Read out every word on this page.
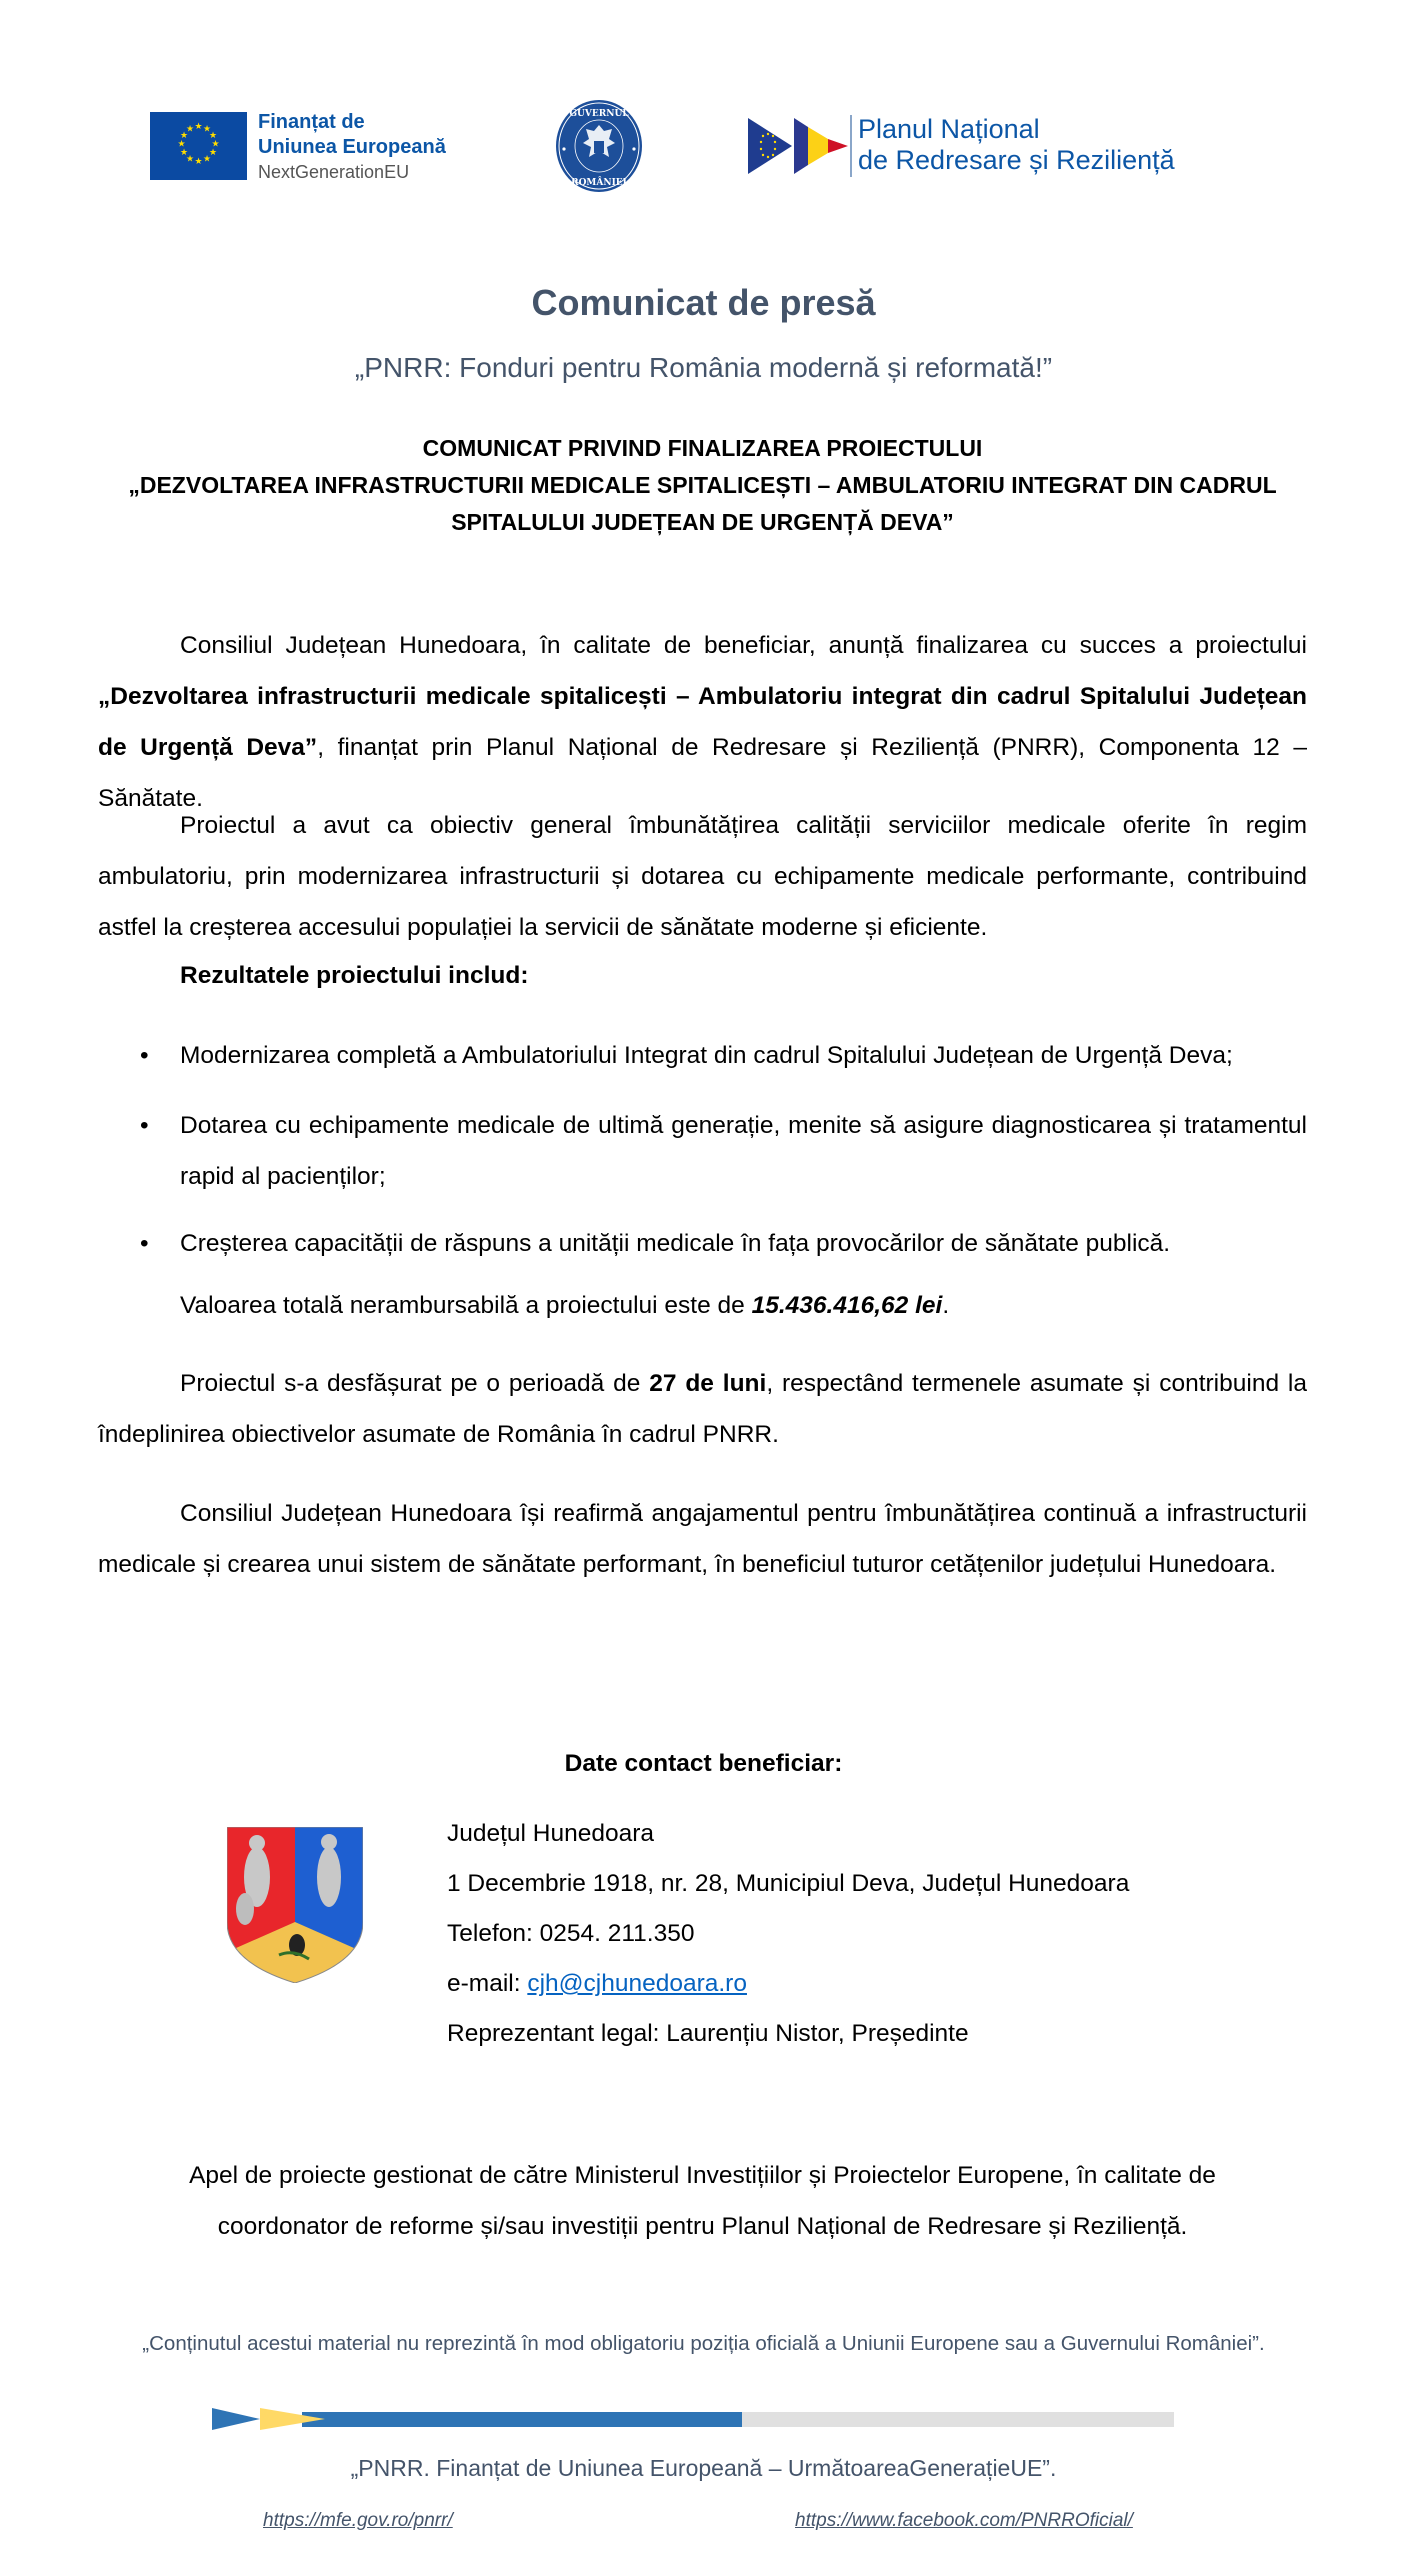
★ ★
★
★
★
★
★
★
★
★
★
★	Finanțat de
Uniunea Europeană
NextGenerationEU
GUVERNUL
ROMÂNIEI
Planul Național
de Redresare și Reziliență
Comunicat de presă
„PNRR: Fonduri pentru România modernă și reformată!”
COMUNICAT PRIVIND FINALIZAREA PROIECTULUI
„DEZVOLTAREA INFRASTRUCTURII MEDICALE SPITALICEȘTI – AMBULATORIU INTEGRAT DIN CADRUL
SPITALULUI JUDEȚEAN DE URGENȚĂ DEVA”
Consiliul Județean Hunedoara, în calitate de beneficiar, anunță finalizarea cu succes a proiectului „Dezvoltarea infrastructurii medicale spitalicești – Ambulatoriu integrat din cadrul Spitalului Județean de Urgență Deva”, finanțat prin Planul Național de Redresare și Reziliență (PNRR), Componenta 12 – Sănătate.
Proiectul a avut ca obiectiv general îmbunătățirea calității serviciilor medicale oferite în regim ambulatoriu, prin modernizarea infrastructurii și dotarea cu echipamente medicale performante, contribuind astfel la creșterea accesului populației la servicii de sănătate moderne și eficiente.
Rezultatele proiectului includ:
• Modernizarea completă a Ambulatoriului Integrat din cadrul Spitalului Județean de Urgență Deva;
• Dotarea cu echipamente medicale de ultimă generație, menite să asigure diagnosticarea și tratamentul rapid al pacienților;
• Creșterea capacității de răspuns a unității medicale în fața provocărilor de sănătate publică.
Valoarea totală nerambursabilă a proiectului este de 15.436.416,62 lei.
Proiectul s-a desfășurat pe o perioadă de 27 de luni, respectând termenele asumate și contribuind la îndeplinirea obiectivelor asumate de România în cadrul PNRR.
Consiliul Județean Hunedoara își reafirmă angajamentul pentru îmbunătățirea continuă a infrastructurii medicale și crearea unui sistem de sănătate performant, în beneficiul tuturor cetățenilor județului Hunedoara.
Date contact beneficiar:
Județul Hunedoara
1 Decembrie 1918, nr. 28, Municipiul Deva, Județul Hunedoara
Telefon: 0254. 211.350
e-mail: cjh@cjhunedoara.ro
Reprezentant legal: Laurențiu Nistor, Președinte
Apel de proiecte gestionat de către Ministerul Investițiilor și Proiectelor Europene, în calitate de
coordonator de reforme și/sau investiții pentru Planul Național de Redresare și Reziliență.
„Conținutul acestui material nu reprezintă în mod obligatoriu poziția oficială a Uniunii Europene sau a Guvernului României”.
„PNRR. Finanțat de Uniunea Europeană – UrmătoareaGenerațieUE”.
https://mfe.gov.ro/pnrr/	https://www.facebook.com/PNRROficial/
